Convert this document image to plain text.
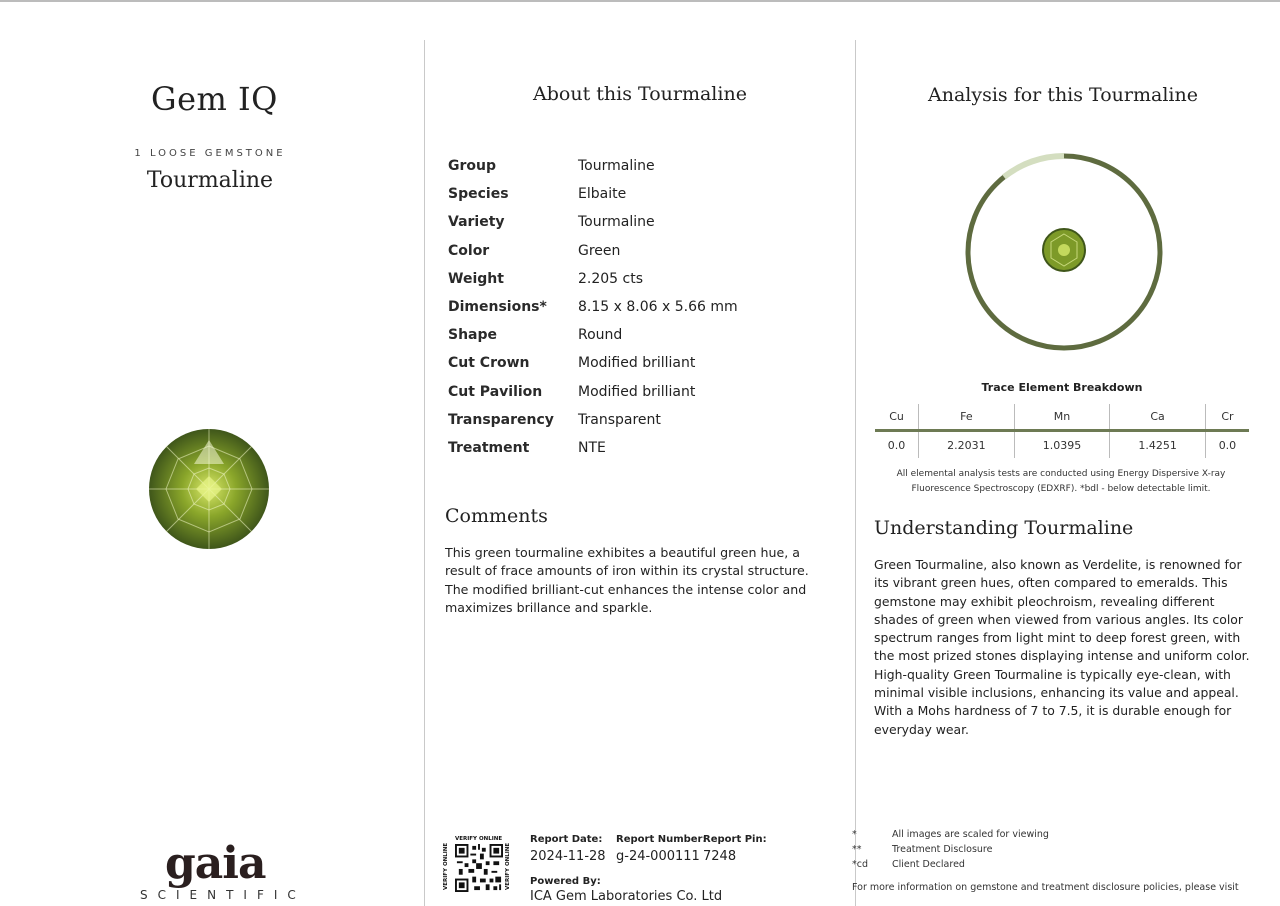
Gem IQ
1 LOOSE GEMSTONE
Tourmaline
gaia
SCIENTIFIC
About this Tourmaline
Group	Tourmaline
Species	Elbaite
Variety	Tourmaline
Color	Green
Weight	2.205 cts
Dimensions*	8.15 x 8.06 x 5.66 mm
Shape	Round
Cut Crown	Modified brilliant
Cut Pavilion	Modified brilliant
Transparency	Transparent
Treatment	NTE
Comments
This green tourmaline exhibites a beautiful green hue, a result of frace amounts of iron within its crystal structure. The modified brilliant-cut enhances the intense color and maximizes brillance and sparkle.
VERIFY ONLINE
VERIFY ONLINE	VERIFY ONLINE
Report Date:
2024-11-28
Report Number:
g-24-000111
Report Pin:
7248
Powered By:
ICA Gem Laboratories Co. Ltd
Analysis for this Tourmaline
Trace Element Breakdown
Cu	Fe	Mn	Ca	Cr
0.0	2.2031	1.0395	1.4251	0.0
All elemental analysis tests are conducted using Energy Dispersive X-ray Fluorescence Spectroscopy (EDXRF). *bdl - below detectable limit.
Understanding Tourmaline
Green Tourmaline, also known as Verdelite, is renowned for its vibrant green hues, often compared to emeralds. This gemstone may exhibit pleochroism, revealing different shades of green when viewed from various angles. Its color spectrum ranges from light mint to deep forest green, with the most prized stones displaying intense and uniform color. High-quality Green Tourmaline is typically eye-clean, with minimal visible inclusions, enhancing its value and appeal. With a Mohs hardness of 7 to 7.5, it is durable enough for everyday wear.
*	All images are scaled for viewing
**	Treatment Disclosure
*cd	Client Declared
For more information on gemstone and treatment disclosure policies, please visit
